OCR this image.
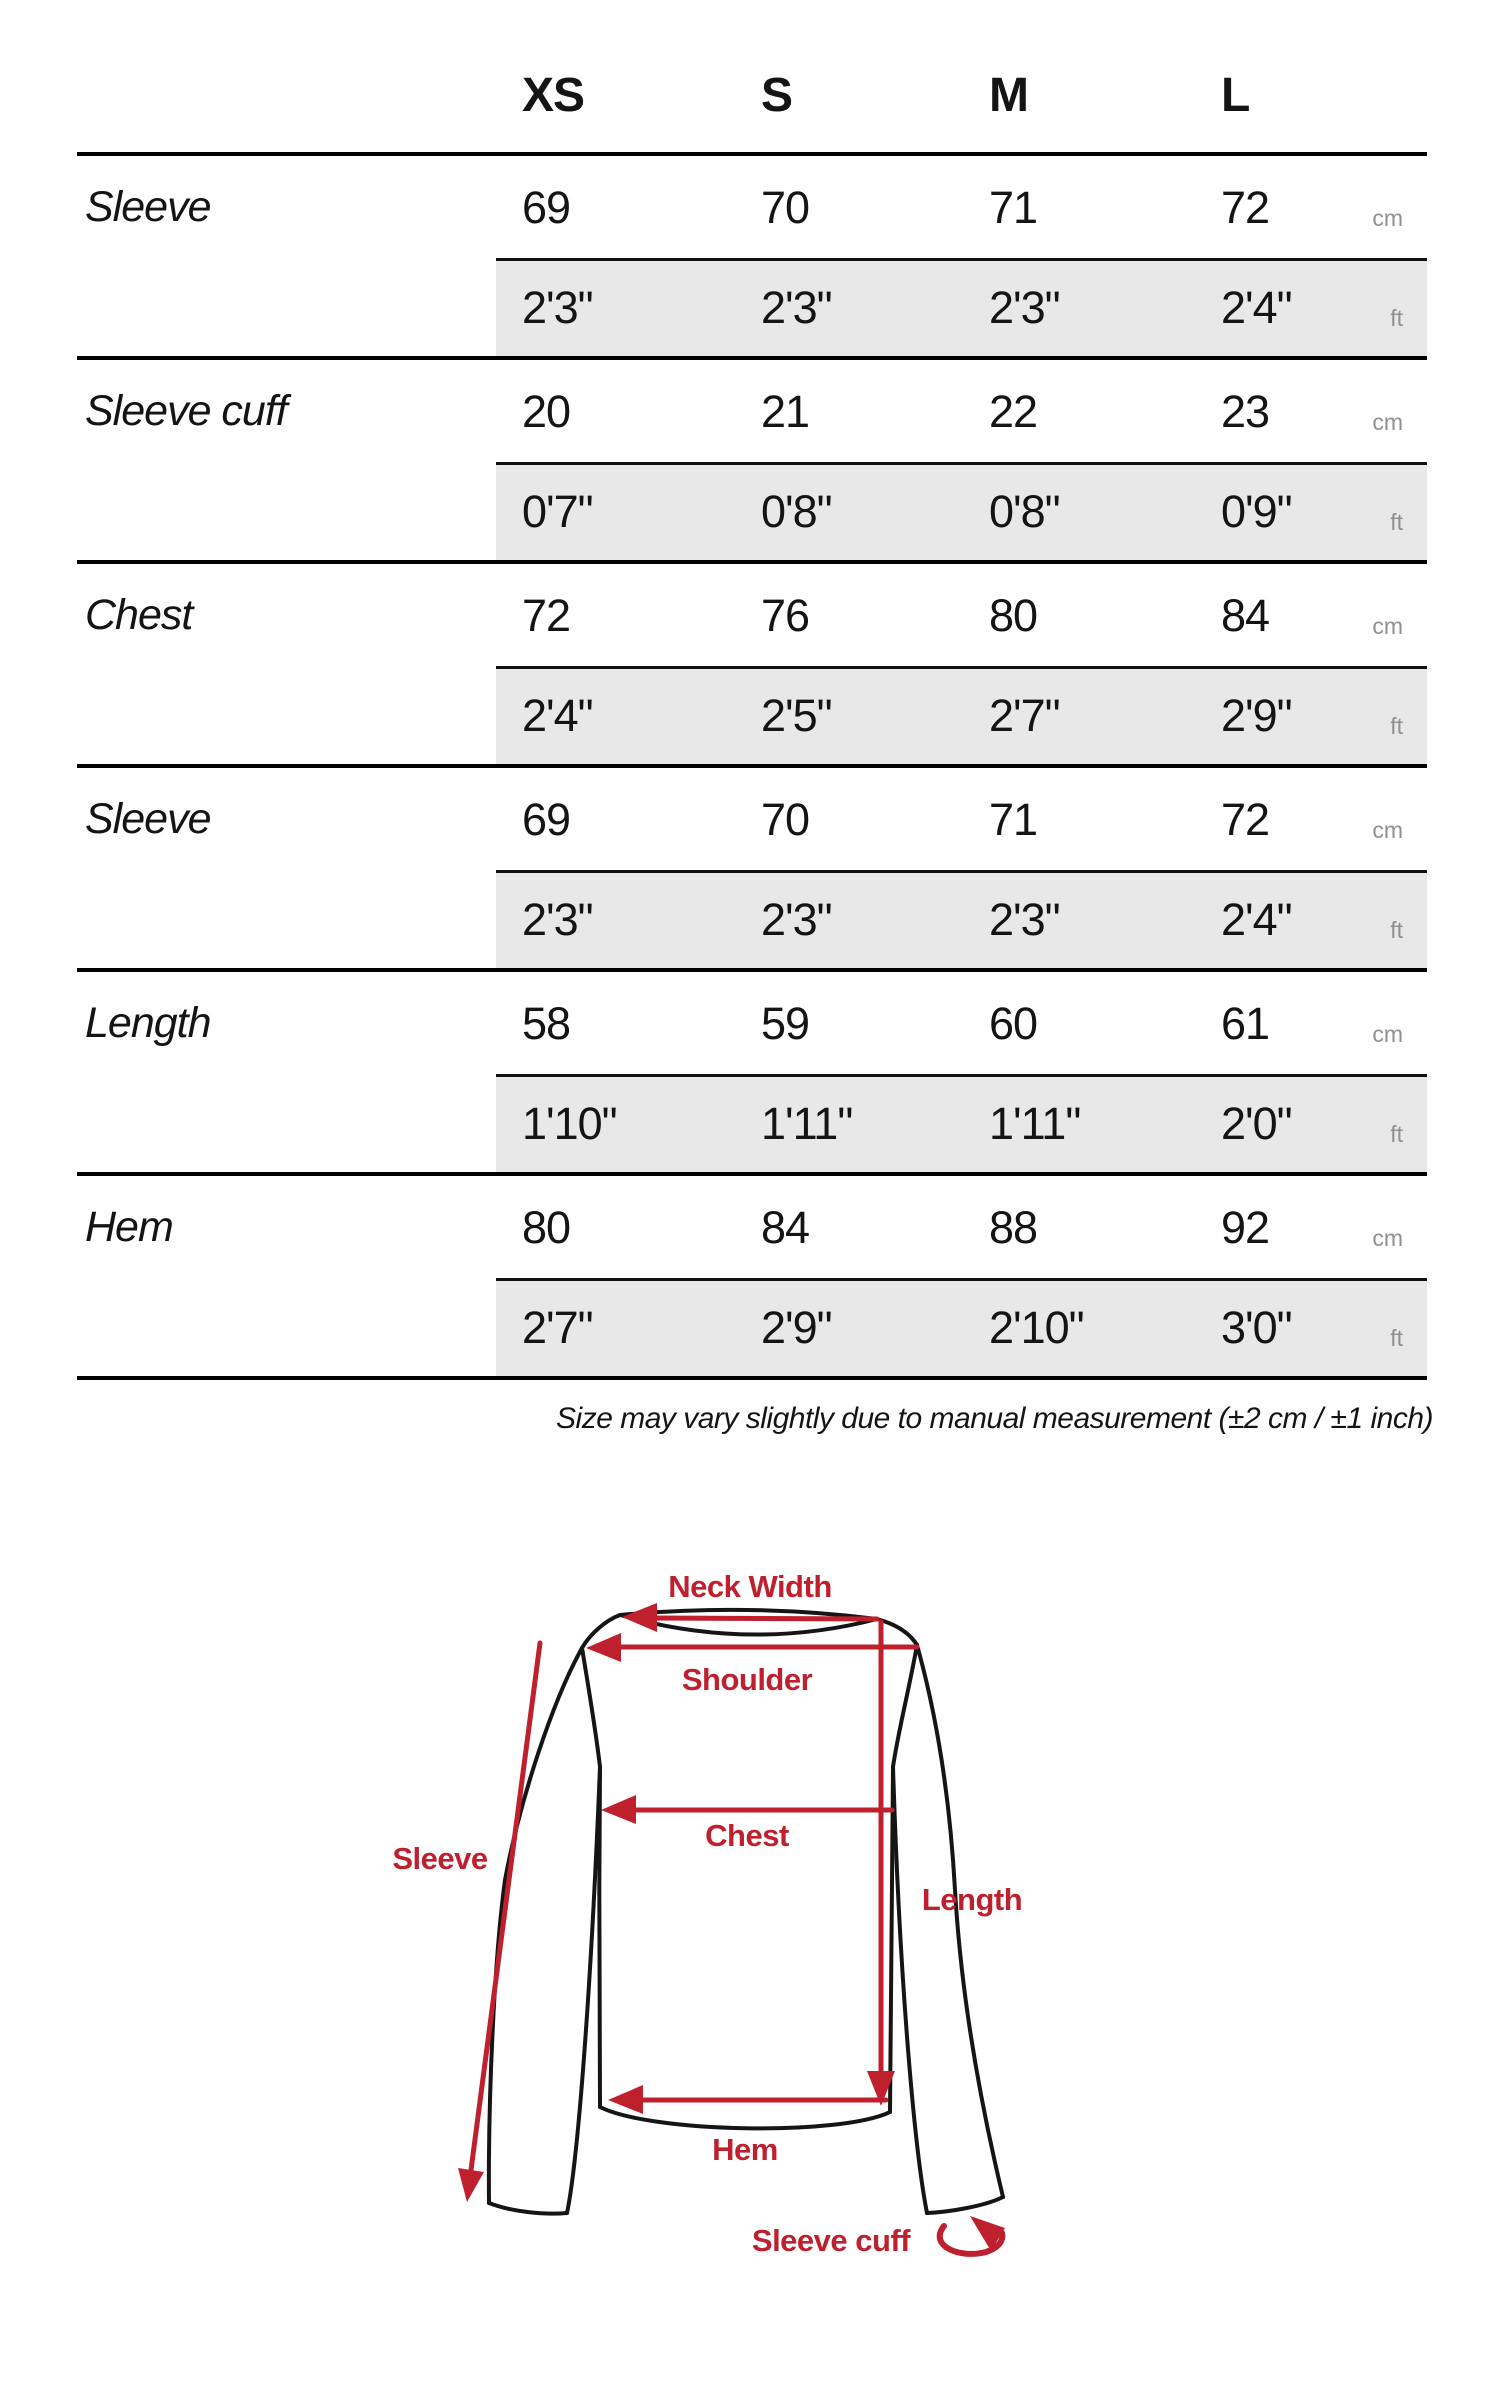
XS	S	M	L
Sleeve	69	70	71	72	cm
2'3"	2'3"	2'3"	2'4"	ft
Sleeve cuff	20	21	22	23	cm
0'7"	0'8"	0'8"	0'9"	ft
Chest	72	76	80	84	cm
2'4"	2'5"	2'7"	2'9"	ft
Sleeve	69	70	71	72	cm
2'3"	2'3"	2'3"	2'4"	ft
Length	58	59	60	61	cm
1'10"	1'11"	1'11"	2'0"	ft
Hem	80	84	88	92	cm
2'7"	2'9"	2'10"	3'0"	ft
Size may vary slightly due to manual measurement (±2 cm / ±1 inch)
Neck Width
Shoulder
Chest
Length
Sleeve
Hem
Sleeve cuff
